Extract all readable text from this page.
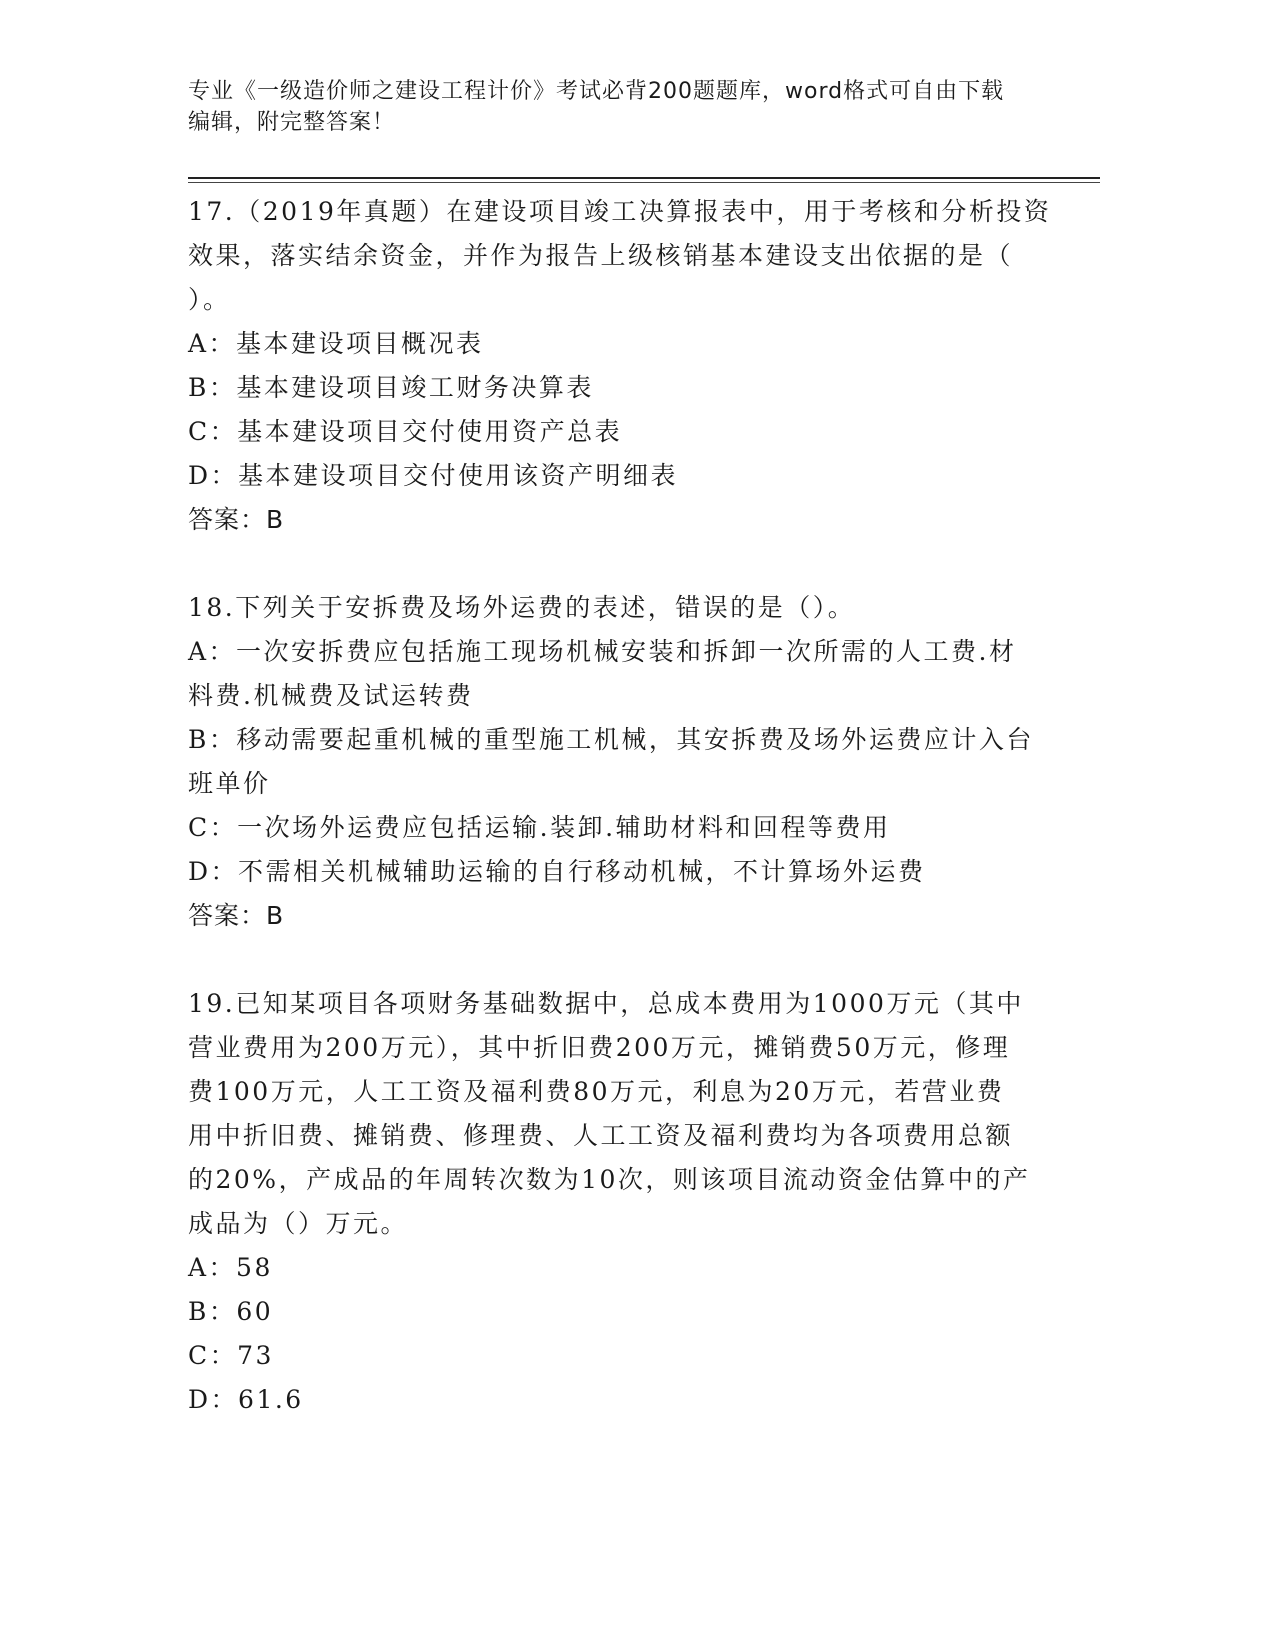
专业《一级造价师之建设工程计价》考试必背200题题库，word格式可自由下载
编辑，附完整答案！

17.（2019年真题）在建设项目竣工决算报表中，用于考核和分析投资

效果，落实结余资金，并作为报告上级核销基本建设支出依据的是（

）。

A：基本建设项目概况表

B：基本建设项目竣工财务决算表

C：基本建设项目交付使用资产总表

D：基本建设项目交付使用该资产明细表

答案：B

18.下列关于安拆费及场外运费的表述，错误的是（）。

A：一次安拆费应包括施工现场机械安装和拆卸一次所需的人工费.材

料费.机械费及试运转费

B：移动需要起重机械的重型施工机械，其安拆费及场外运费应计入台

班单价

C：一次场外运费应包括运输.装卸.辅助材料和回程等费用

D：不需相关机械辅助运输的自行移动机械，不计算场外运费

答案：B

19.已知某项目各项财务基础数据中，总成本费用为1000万元（其中

营业费用为200万元），其中折旧费200万元，摊销费50万元，修理

费100万元，人工工资及福利费80万元，利息为20万元，若营业费

用中折旧费、摊销费、修理费、人工工资及福利费均为各项费用总额

的20%，产成品的年周转次数为10次，则该项目流动资金估算中的产

成品为（）万元。

A：58

B：60

C：73

D：61.6
